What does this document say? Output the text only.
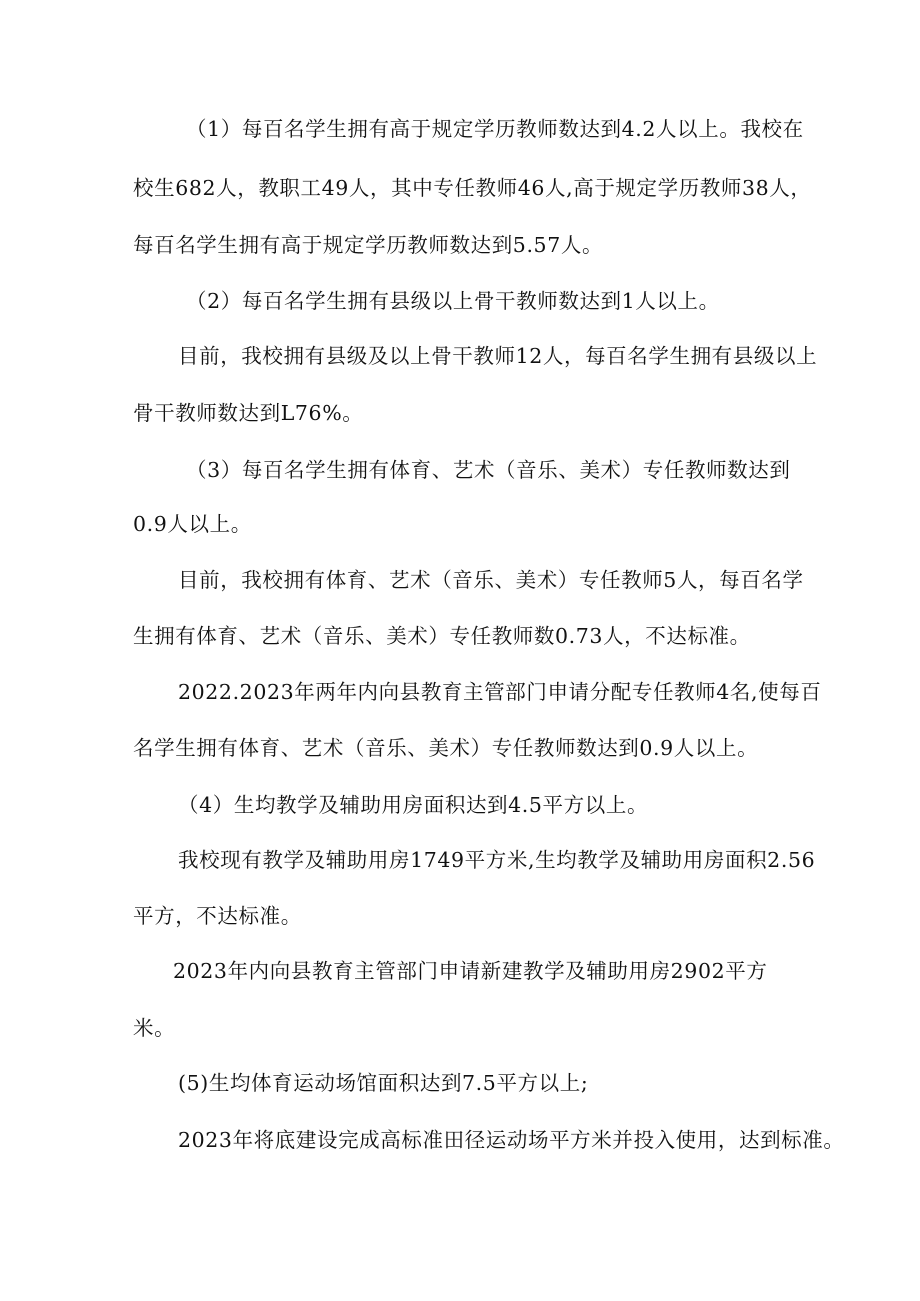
（1）每百名学生拥有高于规定学历教师数达到4.2人以上。我校在
校生682人，教职工49人，其中专任教师46人,高于规定学历教师38人，
每百名学生拥有高于规定学历教师数达到5.57人。
（2）每百名学生拥有县级以上骨干教师数达到1人以上。
目前，我校拥有县级及以上骨干教师12人，每百名学生拥有县级以上
骨干教师数达到L76%。
（3）每百名学生拥有体育、艺术（音乐、美术）专任教师数达到
0.9人以上。
目前，我校拥有体育、艺术（音乐、美术）专任教师5人，每百名学
生拥有体育、艺术（音乐、美术）专任教师数0.73人，不达标准。
2022.2023年两年内向县教育主管部门申请分配专任教师4名,使每百
名学生拥有体育、艺术（音乐、美术）专任教师数达到0.9人以上。
（4）生均教学及辅助用房面积达到4.5平方以上。
我校现有教学及辅助用房1749平方米,生均教学及辅助用房面积2.56
平方，不达标准。
2023年内向县教育主管部门申请新建教学及辅助用房2902平方
米。
(5)生均体育运动场馆面积达到7.5平方以上;
2023年将底建设完成高标准田径运动场平方米并投入使用，达到标准。
